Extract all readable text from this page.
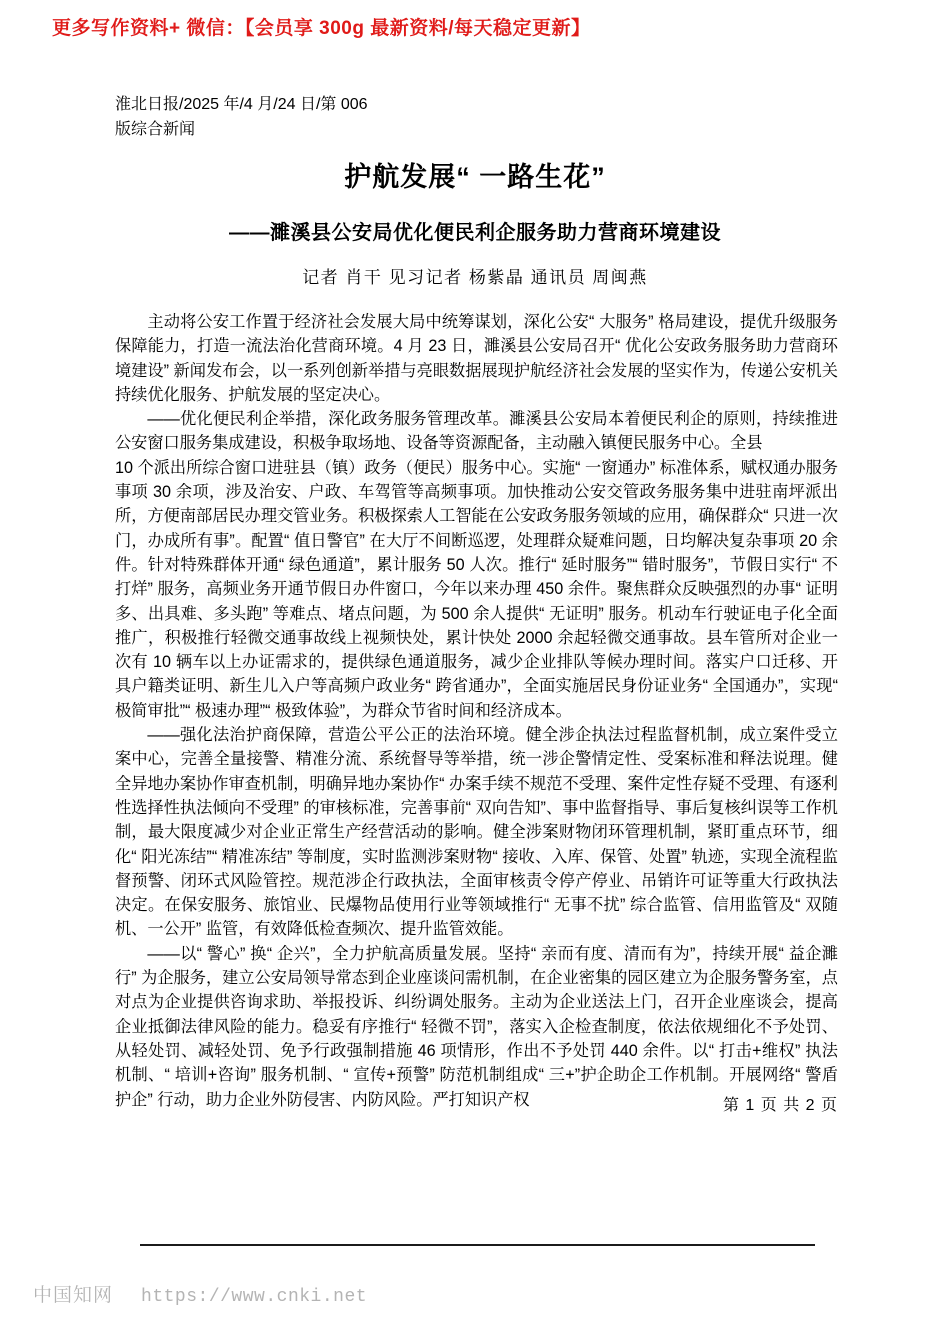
更多写作资料+ 微信：【会员享 300g 最新资料/每天稳定更新】
淮北日报/2025 年/4 月/24 日/第 006
版综合新闻
护航发展“ 一路生花”
——濉溪县公安局优化便民利企服务助力营商环境建设
记者 肖干 见习记者 杨紫晶 通讯员 周闽燕

主动将公安工作置于经济社会发展大局中统筹谋划，深化公安“ 大服务” 格局建设，提优升级服务保障能力，打造一流法治化营商环境。4 月 23 日，濉溪县公安局召开“ 优化公安政务服务助力营商环境建设” 新闻发布会，以一系列创新举措与亮眼数据展现护航经济社会发展的坚实作为，传递公安机关持续优化服务、护航发展的坚定决心。

——优化便民利企举措，深化政务服务管理改革。濉溪县公安局本着便民利企的原则，持续推进公安窗口服务集成建设，积极争取场地、设备等资源配备，主动融入镇便民服务中心。全县

10 个派出所综合窗口进驻县（镇）政务（便民）服务中心。实施“ 一窗通办” 标准体系，赋权通办服务事项 30 余项，涉及治安、户政、车驾管等高频事项。加快推动公安交管政务服务集中进驻南坪派出所，方便南部居民办理交管业务。积极探索人工智能在公安政务服务领域的应用，确保群众“ 只进一次门，办成所有事”。配置“ 值日警官” 在大厅不间断巡逻，处理群众疑难问题，日均解决复杂事项 20 余件。针对特殊群体开通“ 绿色通道”，累计服务 50 人次。推行“ 延时服务”“ 错时服务”，节假日实行“ 不打烊” 服务，高频业务开通节假日办件窗口，今年以来办理 450 余件。聚焦群众反映强烈的办事“ 证明多、出具难、多头跑” 等难点、堵点问题，为 500 余人提供“ 无证明” 服务。机动车行驶证电子化全面推广，积极推行轻微交通事故线上视频快处，累计快处 2000 余起轻微交通事故。县车管所对企业一次有 10 辆车以上办证需求的，提供绿色通道服务，减少企业排队等候办理时间。落实户口迁移、开具户籍类证明、新生儿入户等高频户政业务“ 跨省通办”，全面实施居民身份证业务“ 全国通办”，实现“ 极简审批”“ 极速办理”“ 极致体验”，为群众节省时间和经济成本。

——强化法治护商保障，营造公平公正的法治环境。健全涉企执法过程监督机制，成立案件受立案中心，完善全量接警、精准分流、系统督导等举措，统一涉企警情定性、受案标准和释法说理。健全异地办案协作审查机制，明确异地办案协作“ 办案手续不规范不受理、案件定性存疑不受理、有逐利性选择性执法倾向不受理” 的审核标准，完善事前“ 双向告知”、事中监督指导、事后复核纠误等工作机制，最大限度减少对企业正常生产经营活动的影响。健全涉案财物闭环管理机制，紧盯重点环节，细化“ 阳光冻结”“ 精准冻结” 等制度，实时监测涉案财物“ 接收、入库、保管、处置” 轨迹，实现全流程监督预警、闭环式风险管控。规范涉企行政执法，全面审核责令停产停业、吊销许可证等重大行政执法决定。在保安服务、旅馆业、民爆物品使用行业等领域推行“ 无事不扰” 综合监管、信用监管及“ 双随机、一公开” 监管，有效降低检查频次、提升监管效能。

——以“ 警心” 换“ 企兴”，全力护航高质量发展。坚持“ 亲而有度、清而有为”，持续开展“ 益企濉行” 为企服务，建立公安局领导常态到企业座谈问需机制，在企业密集的园区建立为企服务警务室，点对点为企业提供咨询求助、举报投诉、纠纷调处服务。主动为企业送法上门，召开企业座谈会，提高企业抵御法律风险的能力。稳妥有序推行“ 轻微不罚”，落实入企检查制度，依法依规细化不予处罚、从轻处罚、减轻处罚、免予行政强制措施 46 项情形，作出不予处罚 440 余件。以“ 打击+维权” 执法机制、“ 培训+咨询” 服务机制、“ 宣传+预警” 防范机制组成“ 三+”护企助企工作机制。开展网络“ 警盾护企” 行动，助力企业外防侵害、内防风险。严打知识产权	第 1 页 共 2 页
中国知网 https://www.cnki.net
